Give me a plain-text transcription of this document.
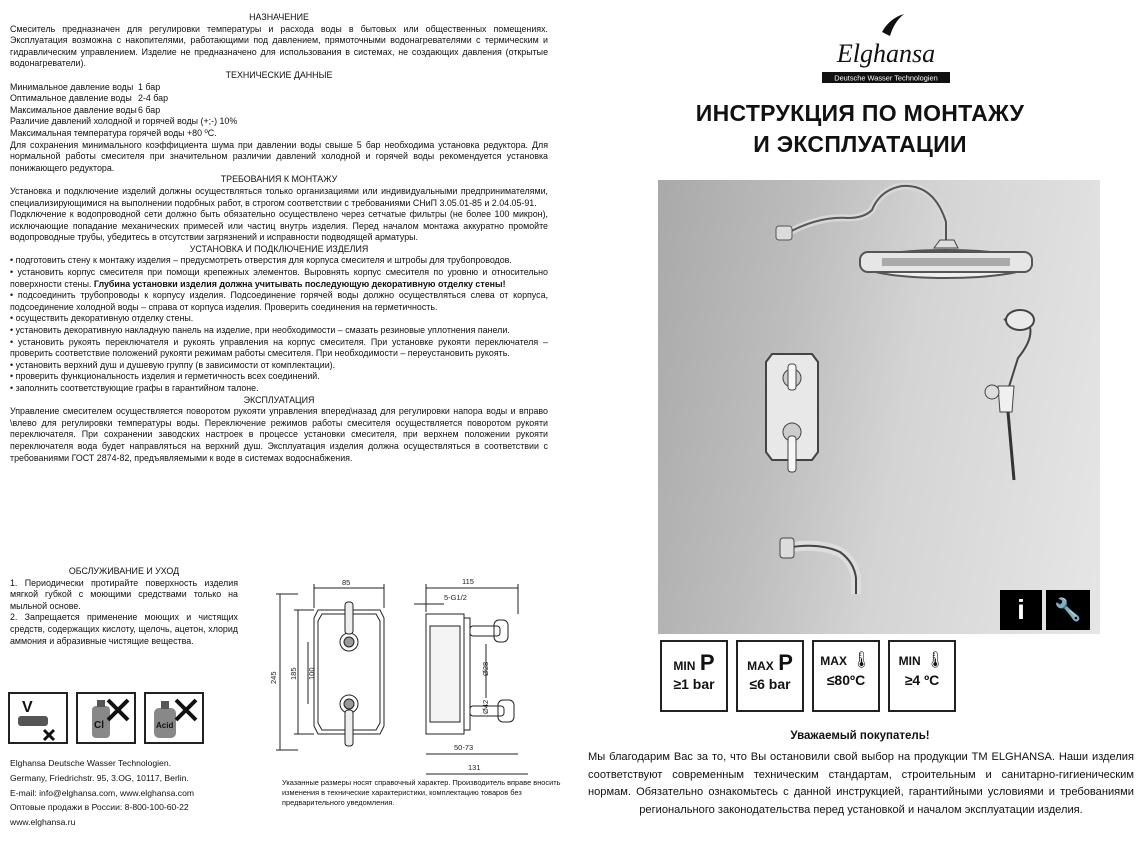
НАЗНАЧЕНИЕ

Смеситель предназначен для регулировки температуры и расхода воды в бытовых или общественных помещениях. Эксплуатация возможна с накопителями, работающими под давлением, прямоточными водонагревателями с термическим и гидравлическим управлением. Изделие не предназначено для использования в системах, не создающих давления (открытые водонагреватели).

ТЕХНИЧЕСКИЕ ДАННЫЕ

Минимальное давление воды 1 бар
Оптимальное давление воды 2-4 бар
Максимальное давление воды6 бар
Различие давлений холодной и горячей воды (+;-) 10%
Максимальная температура горячей воды +80 ºС.

Для сохранения минимального коэффициента шума при давлении воды свыше 5 бар необходима установка редуктора. Для нормальной работы смесителя при значительном различии давлений холодной и горячей воды рекомендуется установка понижающего редуктора.

ТРЕБОВАНИЯ К МОНТАЖУ

Установка и подключение изделий должны осуществляться только организациями или индивидуальными предпринимателями, специализирующимися на выполнении подобных работ, в строгом соответствии с требованиями СНиП 3.05.01-85 и 2.04.05-91.

Подключение к водопроводной сети должно быть обязательно осуществлено через сетчатые фильтры (не более 100 микрон), исключающие попадание механических примесей или частиц внутрь изделия. Перед началом монтажа аккуратно промойте водопроводные трубы, убедитесь в отсутствии загрязнений и исправности подводящей арматуры.

УСТАНОВКА И ПОДКЛЮЧЕНИЕ ИЗДЕЛИЯ

• подготовить стену к монтажу изделия – предусмотреть отверстия для корпуса смесителя и штробы для трубопроводов.

• установить корпус смесителя при помощи крепежных элементов. Выровнять корпус смесителя по уровню и относительно поверхности стены. Глубина установки изделия должна учитывать последующую декоративную отделку стены!

• подсоединить трубопроводы к корпусу изделия. Подсоединение горячей воды должно осуществляться слева от корпуса, подсоединение холодной воды – справа от корпуса изделия. Проверить соединения на герметичность.

• осуществить декоративную отделку стены.

• установить декоративную накладную панель на изделие, при необходимости – смазать резиновые уплотнения панели.

• установить рукоять переключателя и рукоять управления на корпус смесителя. При установке рукояти переключателя – проверить соответствие положений рукояти режимам работы смесителя. При необходимости – переустановить рукоять.

• установить верхний душ и душевую группу (в зависимости от комплектации).

• проверить функциональность изделия и герметичность всех соединений.

• заполнить соответствующие графы в гарантийном талоне.

ЭКСПЛУАТАЦИЯ

Управление смесителем осуществляется поворотом рукояти управления вперед\назад для регулировки напора воды и вправо \влево для регулировки температуры воды. Переключение режимов работы смесителя осуществляется поворотом рукояти переключателя. При сохранении заводских настроек в процессе установки смесителя, при верхнем положении рукояти переключателя вода будет направляться на верхний душ. Эксплуатация изделия должна осуществляться в соответствии с требованиями ГОСТ 2874-82, предъявляемыми к воде в системах водоснабжения.

ОБСЛУЖИВАНИЕ И УХОД

1. Периодически протирайте поверхность изделия мягкой губкой с моющими средствами только на мыльной основе.

2. Запрещается применение моющих и чистящих средств, содержащих кислоту, щелочь, ацетон, хлорид аммония и абразивные чистящие вещества.

V
Cl	Acid
Elghansa Deutsche Wasser Technologien.
Germany, Friedrichstr. 95, 3.OG, 10117, Berlin.
E-mail: info@elghansa.com, www.elghansa.com
Оптовые продажи в России: 8-800-100-60-22
www.elghansa.ru
85
245 185 100
115
5-G1/2
Ø28
Ø42
50-73
131
Указанные размеры носят справочный характер. Производитель вправе вносить изменения в технические характеристики, комплектацию товаров без предварительного уведомления.
Elghansa
Deutsche Wasser Technologien
ИНСТРУКЦИЯ ПО МОНТАЖУ
И ЭКСПЛУАТАЦИИ
i	🔧
MIN P
≥1 bar
MAX P
≤6 bar
MAX 🌡
≤80ºC
MIN 🌡
≥4 ºC
Уважаемый покупатель!
Мы благодарим Вас за то, что Вы остановили свой выбор на продукции ТМ ELGHANSA. Наши изделия соответствуют современным техническим стандартам, строительным и санитарно-гигиеническим нормам. Обязательно ознакомьтесь с данной инструкцией, гарантийными условиями и требованиями регионального законодательства перед установкой и началом эксплуатации изделия.
